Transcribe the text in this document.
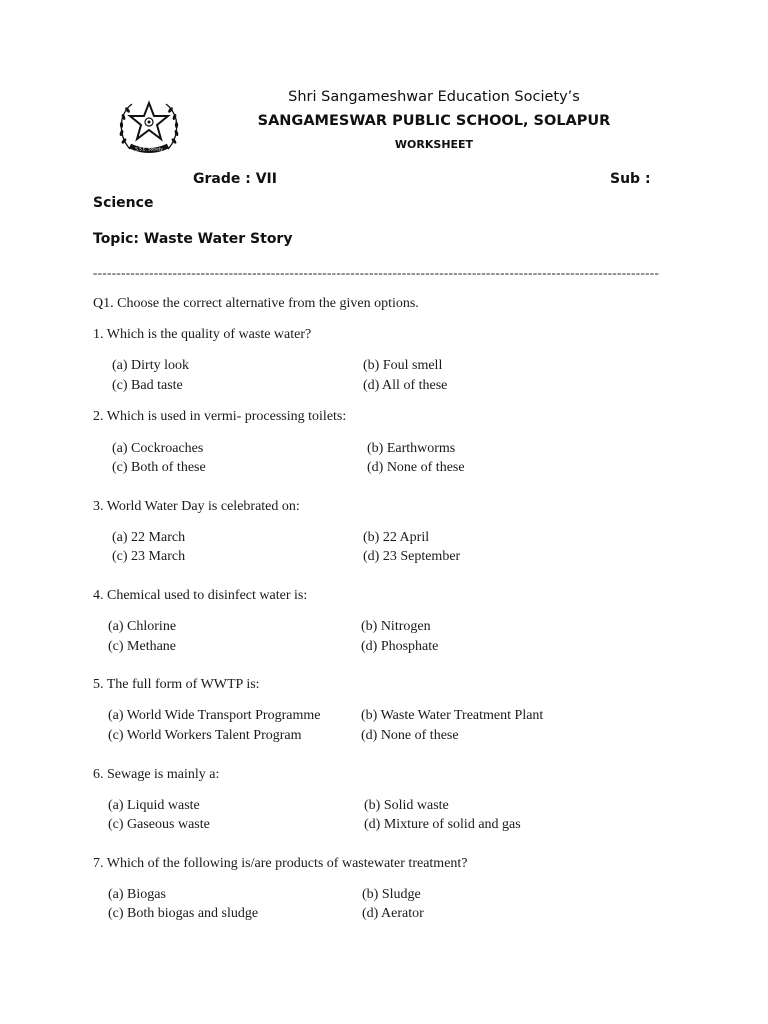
S.S.E. Society
Shri Sangameshwar Education Society’s
SANGAMESWAR PUBLIC SCHOOL, SOLAPUR
WORKSHEET
Grade : VII	Sub :
Science
Topic: Waste Water Story
-------------------------------------------------------------------------------------------------------------------------
Q1. Choose the correct alternative from the given options.
1. Which is the quality of waste water?
(a) Dirty look	(b) Foul smell
(c) Bad taste	(d) All of these
2. Which is used in vermi- processing toilets:
(a) Cockroaches	(b) Earthworms
(c) Both of these	(d) None of these
3. World Water Day is celebrated on:
(a) 22 March	(b) 22 April
(c) 23 March	(d) 23 September
4. Chemical used to disinfect water is:
(a) Chlorine	(b) Nitrogen
(c) Methane	(d) Phosphate
5. The full form of WWTP is:
(a) World Wide Transport Programme	(b) Waste Water Treatment Plant
(c) World Workers Talent Program	(d) None of these
6. Sewage is mainly a:
(a) Liquid waste	(b) Solid waste
(c) Gaseous waste	(d) Mixture of solid and gas
7. Which of the following is/are products of wastewater treatment?
(a) Biogas	(b) Sludge
(c) Both biogas and sludge	(d) Aerator
